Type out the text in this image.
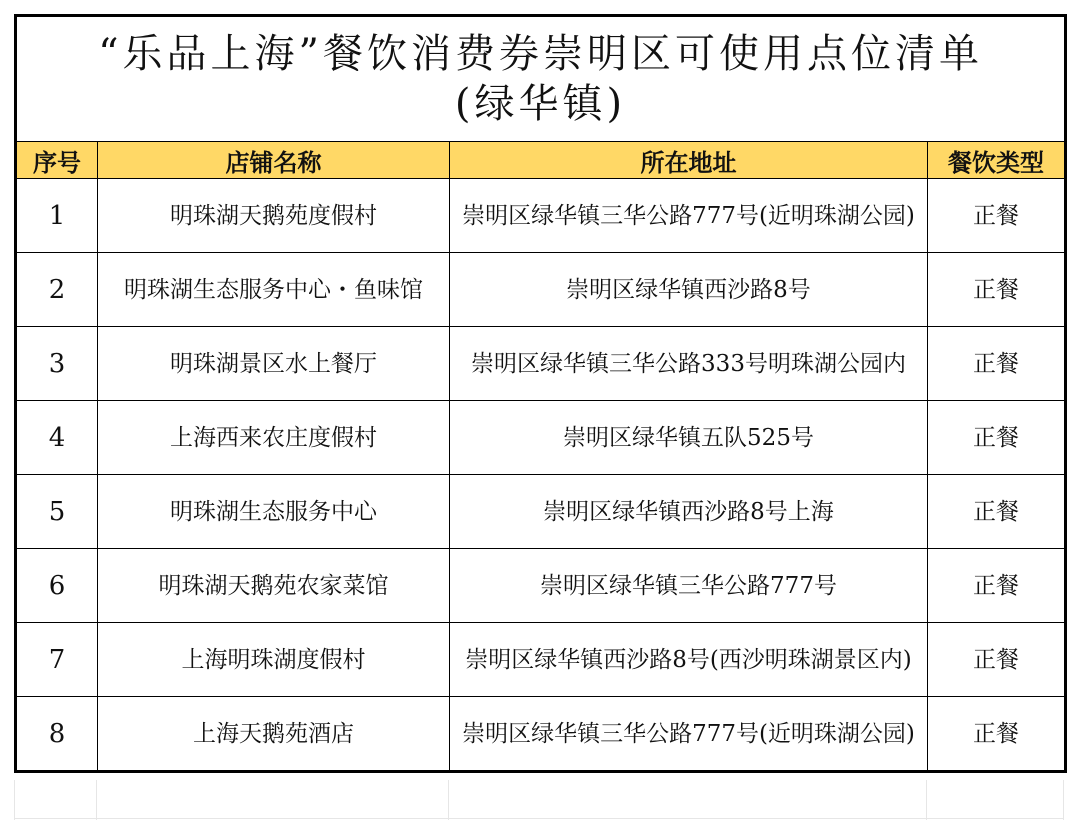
“乐品上海”餐饮消费券崇明区可使用点位清单
(绿华镇)			

序号	店铺名称	所在地址	餐饮类型
1	明珠湖天鹅苑度假村	崇明区绿华镇三华公路777号(近明珠湖公园)	正餐
2	明珠湖生态服务中心・鱼味馆	崇明区绿华镇西沙路8号	正餐
3	明珠湖景区水上餐厅	崇明区绿华镇三华公路333号明珠湖公园内	正餐
4	上海西来农庄度假村	崇明区绿华镇五队525号	正餐
5	明珠湖生态服务中心	崇明区绿华镇西沙路8号上海	正餐
6	明珠湖天鹅苑农家菜馆	崇明区绿华镇三华公路777号	正餐
7	上海明珠湖度假村	崇明区绿华镇西沙路8号(西沙明珠湖景区内)	正餐
8	上海天鹅苑酒店	崇明区绿华镇三华公路777号(近明珠湖公园)	正餐
